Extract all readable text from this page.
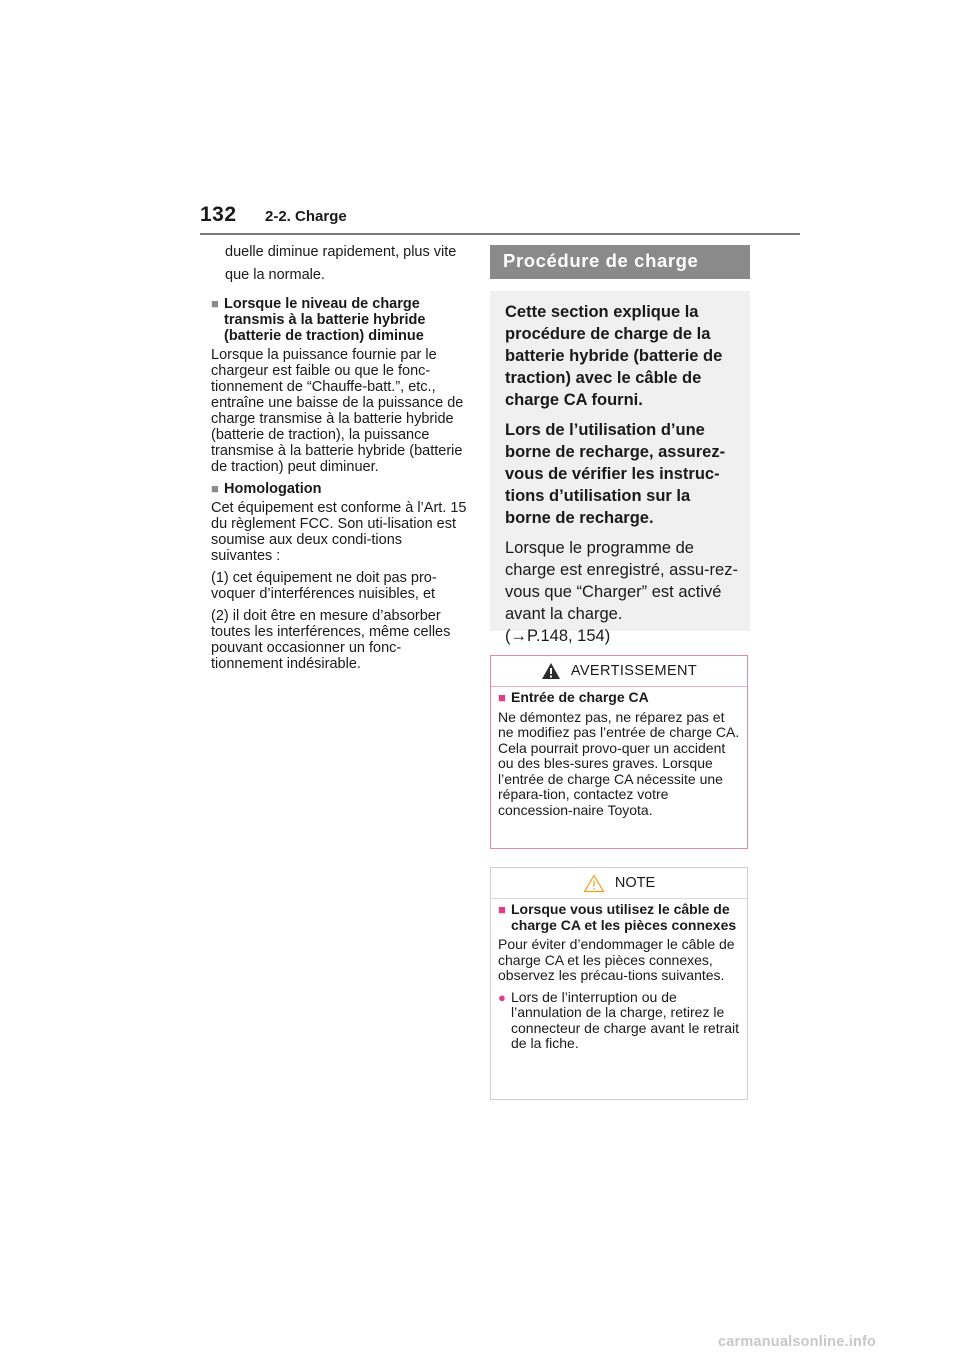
132 2-2. Charge

duelle diminue rapidement, plus vite que la normale.

■ Lorsque le niveau de charge transmis à la batterie hybride (batterie de traction) diminue

Lorsque la puissance fournie par le chargeur est faible ou que le fonc-tionnement de “Chauffe-batt.”, etc., entraîne une baisse de la puissance de charge transmise à la batterie hybride (batterie de traction), la puissance transmise à la batterie hybride (batterie de traction) peut diminuer.

■ Homologation

Cet équipement est conforme à l’Art. 15 du règlement FCC. Son uti-lisation est soumise aux deux condi-tions suivantes :

(1) cet équipement ne doit pas pro-voquer d’interférences nuisibles, et

(2) il doit être en mesure d’absorber toutes les interférences, même celles pouvant occasionner un fonc-tionnement indésirable.

Procédure de charge

Cette section explique la procédure de charge de la batterie hybride (batterie de traction) avec le câble de charge CA fourni.

Lors de l’utilisation d’une borne de recharge, assurez-vous de vérifier les instruc-tions d’utilisation sur la borne de recharge.

Lorsque le programme de charge est enregistré, assu-rez-vous que “Charger” est activé avant la charge.
(→P.148, 154)

AVERTISSEMENT

■ Entrée de charge CA

Ne démontez pas, ne réparez pas et ne modifiez pas l’entrée de charge CA. Cela pourrait provo-quer un accident ou des bles-sures graves. Lorsque l’entrée de charge CA nécessite une répara-tion, contactez votre concession-naire Toyota.

NOTE

■ Lorsque vous utilisez le câble de charge CA et les pièces connexes

Pour éviter d’endommager le câble de charge CA et les pièces connexes, observez les précau-tions suivantes.

● Lors de l’interruption ou de l’annulation de la charge, retirez le connecteur de charge avant le retrait de la fiche.

carmanualsonline.info
